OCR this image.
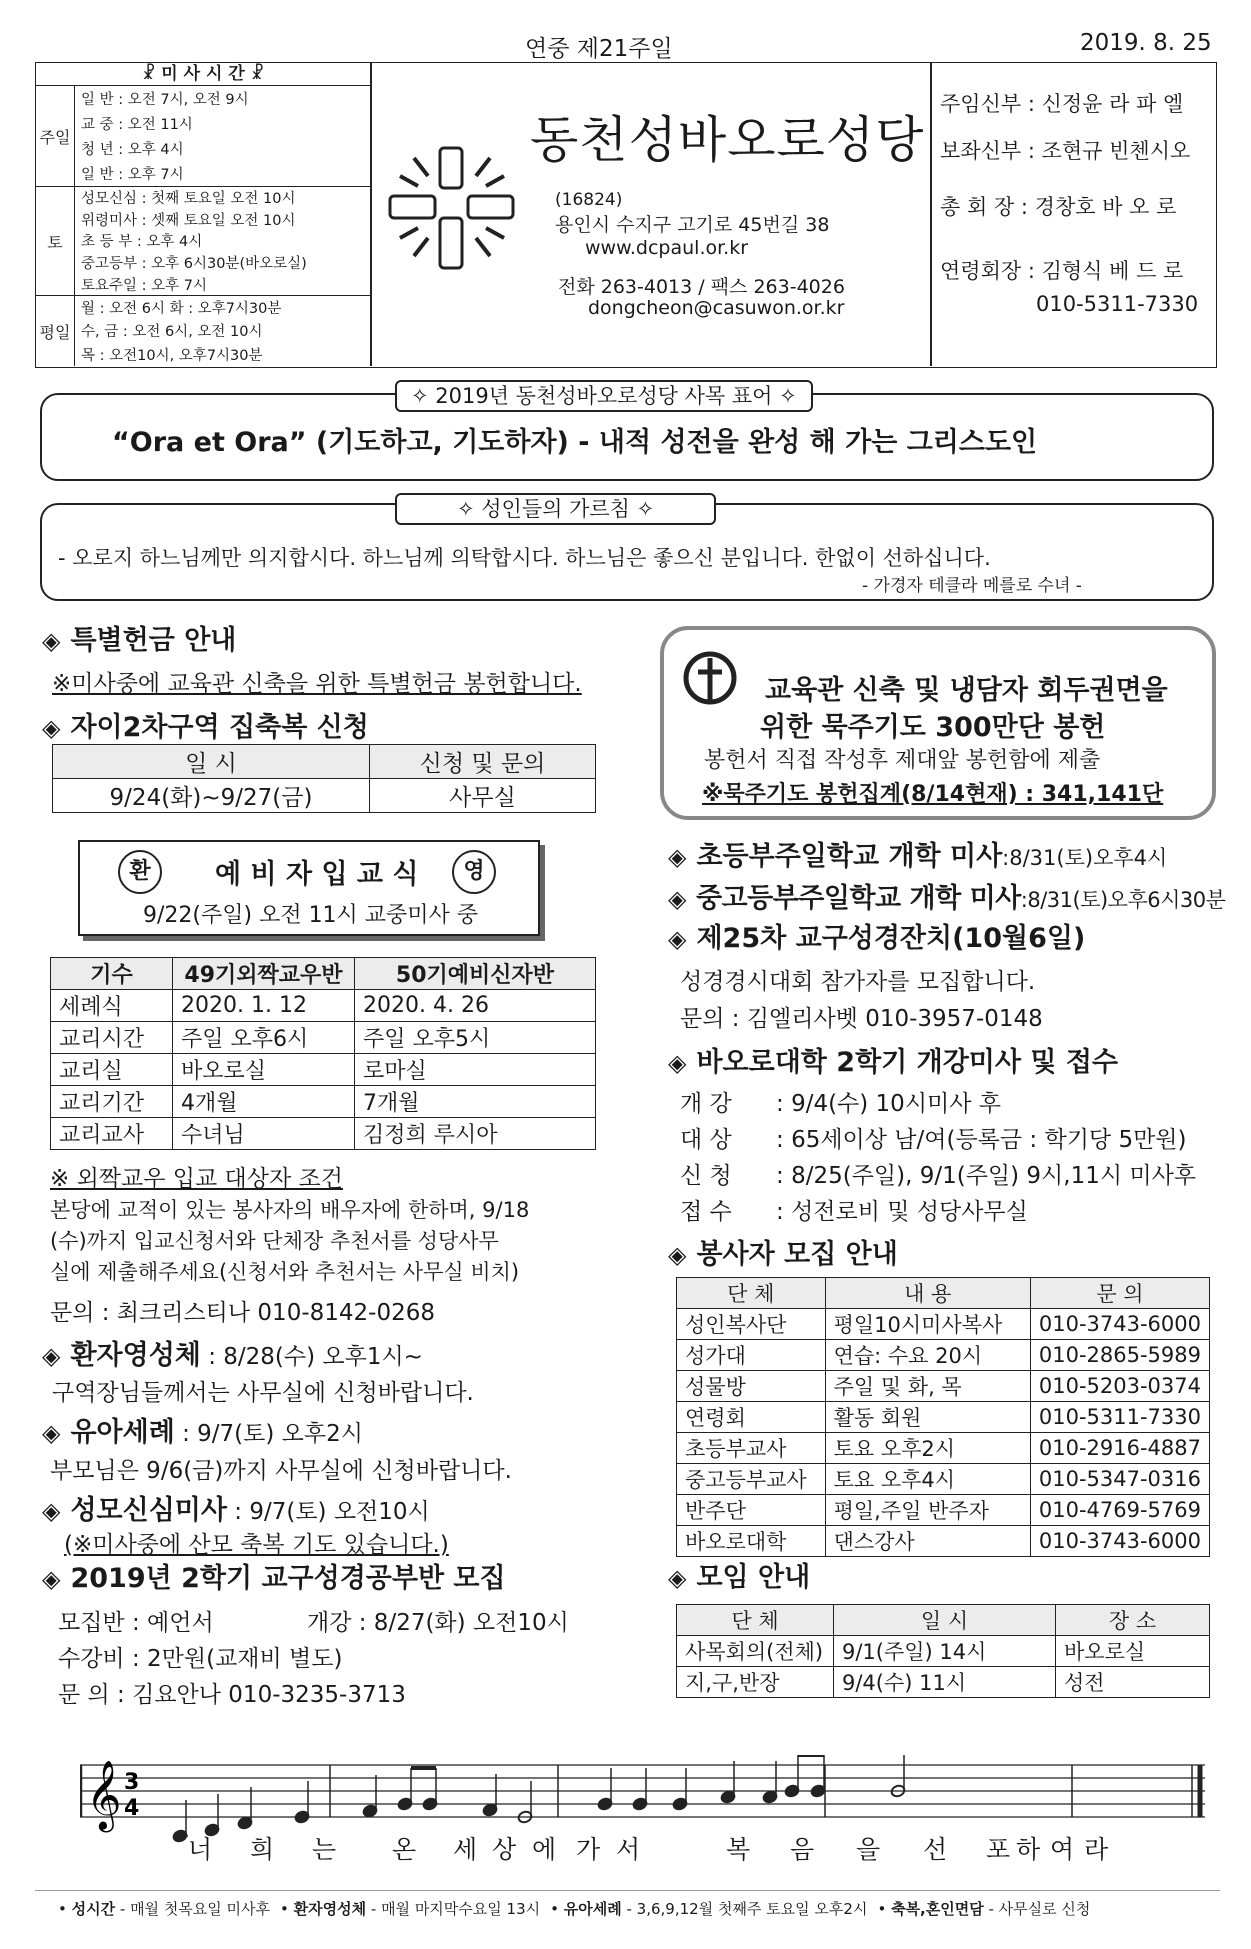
연중 제21주일	2019. 8. 25
☧ 미 사 시 간 ☧
주일
일 반 : 오전 7시, 오전 9시
교 중 : 오전 11시
청 년 : 오후 4시
일 반 : 오후 7시
토
성모신심 : 첫째 토요일 오전 10시
위령미사 : 셋째 토요일 오전 10시
초 등 부 : 오후 4시
중고등부 : 오후 6시30분(바오로실)
토요주일 : 오후 7시
평일
월 : 오전 6시 화 : 오후7시30분
수, 금 : 오전 6시, 오전 10시
목 : 오전10시, 오후7시30분
동천성바오로성당
(16824)
용인시 수지구 고기로 45번길 38
www.dcpaul.or.kr
전화 263-4013 / 팩스 263-4026
dongcheon@casuwon.or.kr
주임신부 : 신정윤 라 파 엘
보좌신부 : 조현규 빈첸시오
총 회 장 : 경창호 바 오 로
연령회장 : 김형식 베 드 로
010-5311-7330
✧ 2019년 동천성바오로성당 사목 표어 ✧
“Ora et Ora” (기도하고, 기도하자) - 내적 성전을 완성 해 가는 그리스도인
✧ 성인들의 가르침 ✧
- 오로지 하느님께만 의지합시다. 하느님께 의탁합시다. 하느님은 좋으신 분입니다. 한없이 선하십니다.
- 가경자 테클라 메를로 수녀 -
◈ 특별헌금 안내
※미사중에 교육관 신축을 위한 특별헌금 봉헌합니다.
◈ 자이2차구역 집축복 신청
일 시	신청 및 문의
9/24(화)~9/27(금)	사무실
환	예 비 자 입 교 식	영
9/22(주일) 오전 11시 교중미사 중
기수	49기외짝교우반	50기예비신자반
세례식	2020. 1. 12	2020. 4. 26
교리시간	주일 오후6시	주일 오후5시
교리실	바오로실	로마실
교리기간	4개월	7개월
교리교사	수녀님	김정희 루시아
※ 외짝교우 입교 대상자 조건
본당에 교적이 있는 봉사자의 배우자에 한하며, 9/18
(수)까지 입교신청서와 단체장 추천서를 성당사무
실에 제출해주세요(신청서와 추천서는 사무실 비치)
문의 : 최크리스티나 010-8142-0268
◈ 환자영성체 : 8/28(수) 오후1시~
구역장님들께서는 사무실에 신청바랍니다.
◈ 유아세례 : 9/7(토) 오후2시
부모님은 9/6(금)까지 사무실에 신청바랍니다.
◈ 성모신심미사 : 9/7(토) 오전10시
(※미사중에 산모 축복 기도 있습니다.)
◈ 2019년 2학기 교구성경공부반 모집
모집반 : 예언서	개강 : 8/27(화) 오전10시
수강비 : 2만원(교재비 별도)
문 의 : 김요안나 010-3235-3713
교육관 신축 및 냉담자 회두권면을
위한 묵주기도 300만단 봉헌
봉헌서 직접 작성후 제대앞 봉헌함에 제출
※묵주기도 봉헌집계(8/14현재) : 341,141단
◈ 초등부주일학교 개학 미사:8/31(토)오후4시
◈ 중고등부주일학교 개학 미사:8/31(토)오후6시30분
◈ 제25차 교구성경잔치(10월6일)
성경경시대회 참가자를 모집합니다.
문의 : 김엘리사벳 010-3957-0148
◈ 바오로대학 2학기 개강미사 및 접수
개 강 : 9/4(수) 10시미사 후
대 상 : 65세이상 남/여(등록금 : 학기당 5만원)
신 청 : 8/25(주일), 9/1(주일) 9시,11시 미사후
접 수 : 성전로비 및 성당사무실
◈ 봉사자 모집 안내
단 체	내 용	문 의
성인복사단	평일10시미사복사	010-3743-6000
성가대	연습: 수요 20시	010-2865-5989
성물방	주일 및 화, 목	010-5203-0374
연령회	활동 회원	010-5311-7330
초등부교사	토요 오후2시	010-2916-4887
중고등부교사	토요 오후4시	010-5347-0316
반주단	평일,주일 반주자	010-4769-5769
바오로대학	댄스강사	010-3743-6000
◈ 모임 안내
단 체	일 시	장 소
사목회의(전체)	9/1(주일) 14시	바오로실
지,구,반장	9/4(수) 11시	성전
𝄞 3
4
너 희 는 온 세 상 에 가 서	복 음 을 선 포 하 여 라
• 성시간 - 매월 첫목요일 미사후 • 환자영성체 - 매월 마지막수요일 13시 • 유아세례 - 3,6,9,12월 첫째주 토요일 오후2시 • 축복,혼인면담 - 사무실로 신청
